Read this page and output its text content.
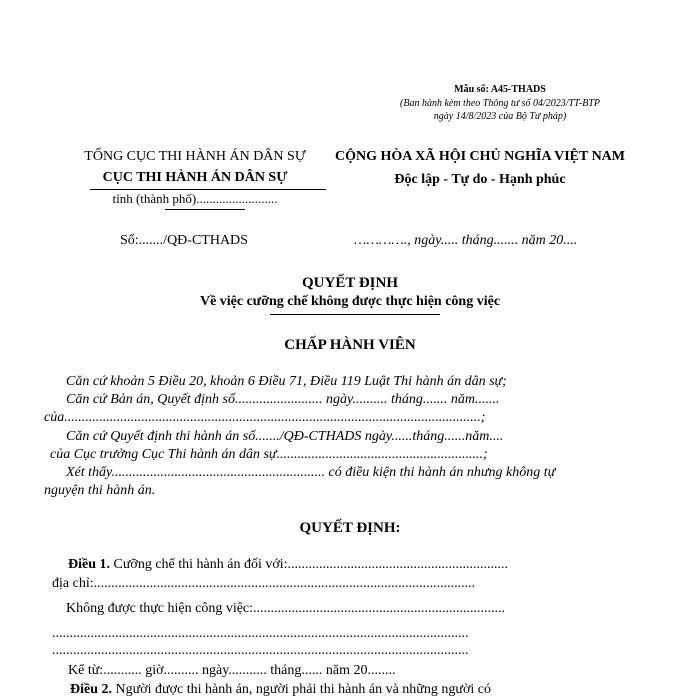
Mẫu số: A45-THADS
(Ban hành kèm theo Thông tư số 04/2023/TT-BTP
ngày 14/8/2023 của Bộ Tư pháp)
TỔNG CỤC THI HÀNH ÁN DÂN SỰ
CỤC THI HÀNH ÁN DÂN SỰ
tỉnh (thành phố).........................
CỘNG HÒA XÃ HỘI CHỦ NGHĨA VIỆT NAM
Độc lập - Tự do - Hạnh phúc
Số:......./QĐ-CTHADS	…………., ngày..... tháng....... năm 20....
QUYẾT ĐỊNH
Về việc cưỡng chế không được thực hiện công việc
CHẤP HÀNH VIÊN
Căn cứ khoản 5 Điều 20, khoản 6 Điều 71, Điều 119 Luật Thi hành án dân sự;
Căn cứ Bản án, Quyết định số......................... ngày.......... tháng....... năm.......
của.......................................................................................................................;
Căn cứ Quyết định thi hành án số......./QĐ-CTHADS ngày......tháng......năm....
của Cục trưởng Cục Thi hành án dân sự...........................................................;
Xét thấy............................................................. có điều kiện thi hành án nhưng không tự
nguyện thi hành án.
QUYẾT ĐỊNH:
Điều 1. Cưỡng chế thi hành án đối với:...............................................................
địa chỉ:.............................................................................................................
Không được thực hiện công việc:........................................................................
.......................................................................................................................
.......................................................................................................................
Kể từ:........... giờ.......... ngày........... tháng...... năm 20........
Điều 2. Người được thi hành án, người phải thi hành án và những người có
